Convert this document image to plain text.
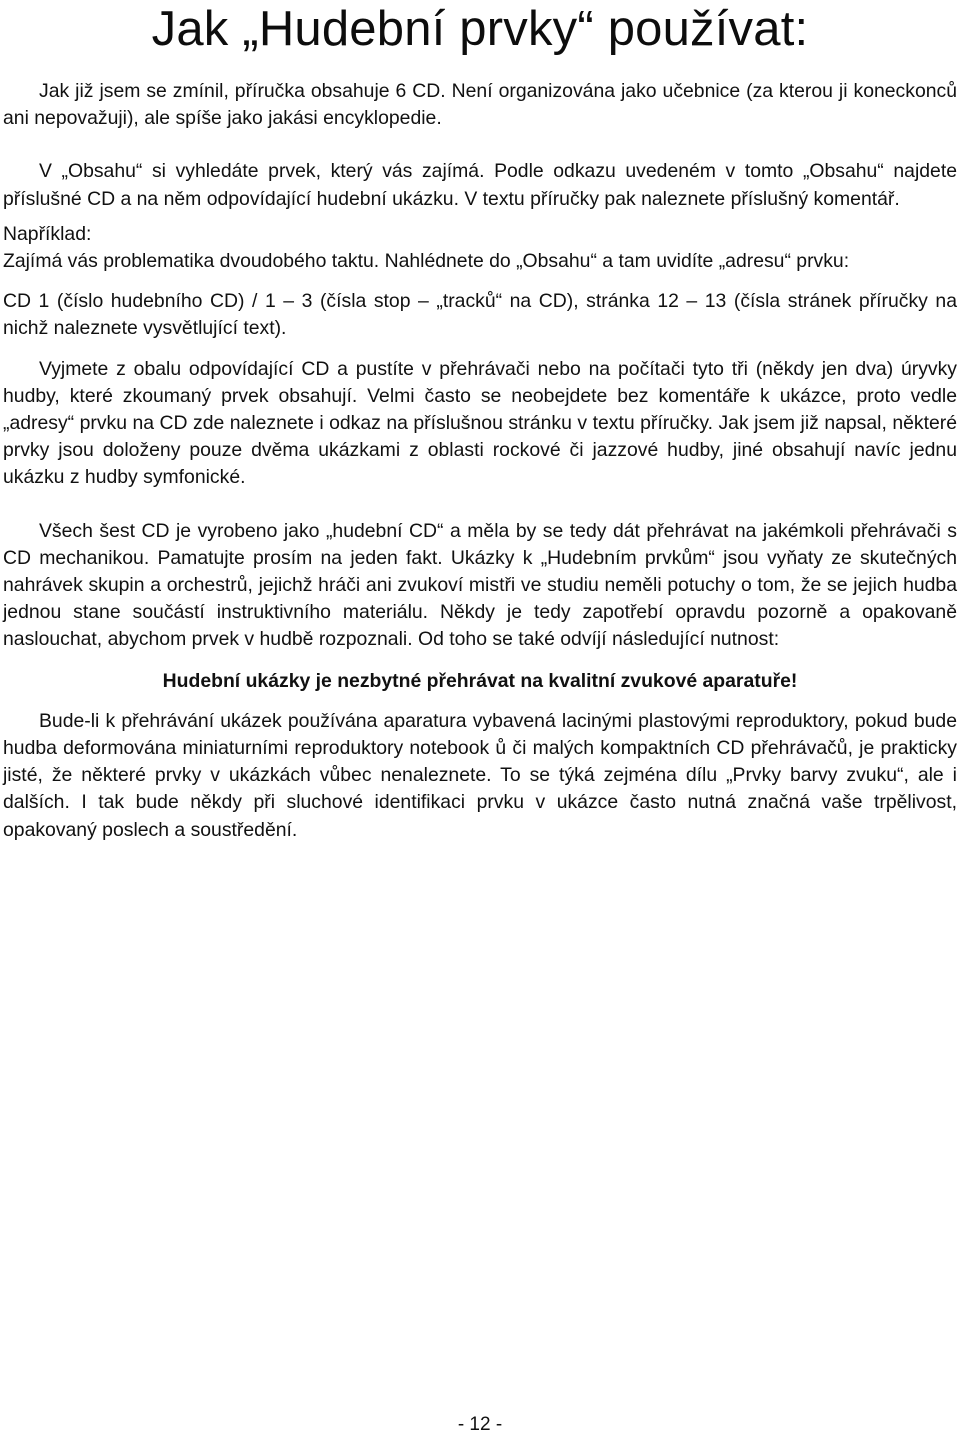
Jak „Hudební prvky“ používat:

Jak již jsem se zmínil, příručka obsahuje 6 CD. Není organizována jako učebnice (za kterou ji koneckonců ani nepovažuji), ale spíše jako jakási encyklopedie.

V „Obsahu“ si vyhledáte prvek, který vás zajímá. Podle odkazu uvedeném v tomto „Obsahu“ najdete příslušné CD a na něm odpovídající hudební ukázku. V textu příručky pak naleznete příslušný komentář.

Například:

Zajímá vás problematika dvoudobého taktu. Nahlédnete do „Obsahu“ a tam uvidíte „adresu“ prvku:

CD 1 (číslo hudebního CD) / 1 – 3 (čísla stop – „tracků“ na CD), stránka 12 – 13 (čísla stránek příručky na nichž naleznete vysvětlující text).

Vyjmete z obalu odpovídající CD a pustíte v přehrávači nebo na počítači tyto tři (někdy jen dva) úryvky hudby, které zkoumaný prvek obsahují. Velmi často se neobejdete bez komentáře k ukázce, proto vedle „adresy“ prvku na CD zde naleznete i odkaz na příslušnou stránku v textu příručky. Jak jsem již napsal, některé prvky jsou doloženy pouze dvěma ukázkami z oblasti rockové či jazzové hudby, jiné obsahují navíc jednu ukázku z hudby symfonické.

Všech šest CD je vyrobeno jako „hudební CD“ a měla by se tedy dát přehrávat na jakémkoli přehrávači s CD mechanikou. Pamatujte prosím na jeden fakt. Ukázky k „Hudebním prvkům“ jsou vyňaty ze skutečných nahrávek skupin a orchestrů, jejichž hráči ani zvukoví mistři ve studiu neměli potuchy o tom, že se jejich hudba jednou stane součástí instruktivního materiálu. Někdy je tedy zapotřebí opravdu pozorně a opakovaně naslouchat, abychom prvek v hudbě rozpoznali. Od toho se také odvíjí následující nutnost:

Hudební ukázky je nezbytné přehrávat na kvalitní zvukové aparatuře!

Bude-li k přehrávání ukázek používána aparatura vybavená lacinými plastovými reproduktory, pokud bude hudba deformována miniaturními reproduktory notebook ů či malých kompaktních CD přehrávačů, je prakticky jisté, že některé prvky v ukázkách vůbec nenaleznete. To se týká zejména dílu „Prvky barvy zvuku“, ale i dalších. I tak bude někdy při sluchové identifikaci prvku v ukázce často nutná značná vaše trpělivost, opakovaný poslech a soustředění.

- 12 -
